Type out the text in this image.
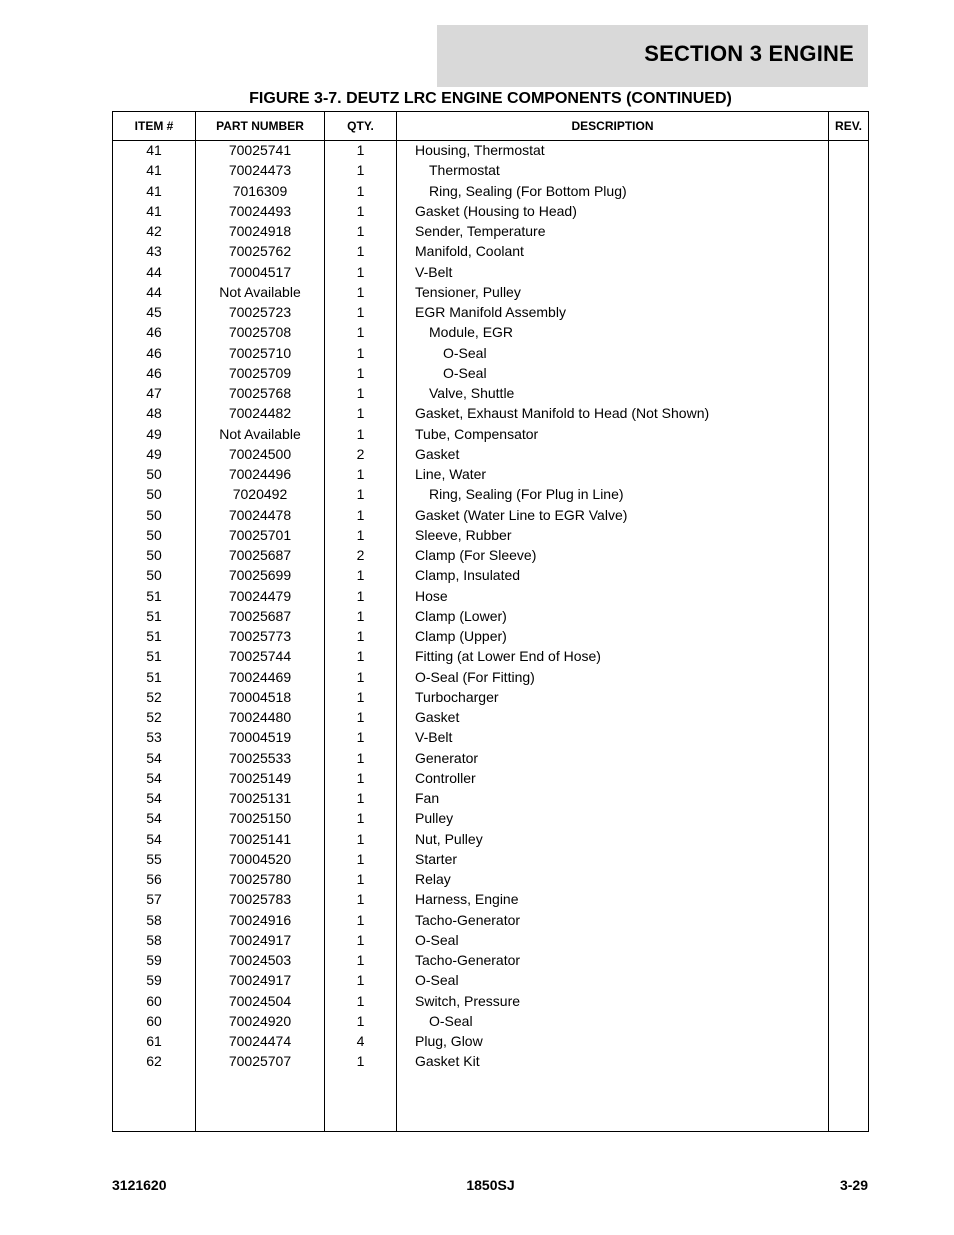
SECTION 3 ENGINE
FIGURE 3-7. DEUTZ LRC ENGINE COMPONENTS (CONTINUED)
ITEM #	PART NUMBER	QTY.	DESCRIPTION	REV.
41	70025741	1	Housing, Thermostat
41	70024473	1	Thermostat
41	7016309	1	Ring, Sealing (For Bottom Plug)
41	70024493	1	Gasket (Housing to Head)
42	70024918	1	Sender, Temperature
43	70025762	1	Manifold, Coolant
44	70004517	1	V-Belt
44	Not Available	1	Tensioner, Pulley
45	70025723	1	EGR Manifold Assembly
46	70025708	1	Module, EGR
46	70025710	1	O-Seal
46	70025709	1	O-Seal
47	70025768	1	Valve, Shuttle
48	70024482	1	Gasket, Exhaust Manifold to Head (Not Shown)
49	Not Available	1	Tube, Compensator
49	70024500	2	Gasket
50	70024496	1	Line, Water
50	7020492	1	Ring, Sealing (For Plug in Line)
50	70024478	1	Gasket (Water Line to EGR Valve)
50	70025701	1	Sleeve, Rubber
50	70025687	2	Clamp (For Sleeve)
50	70025699	1	Clamp, Insulated
51	70024479	1	Hose
51	70025687	1	Clamp (Lower)
51	70025773	1	Clamp (Upper)
51	70025744	1	Fitting (at Lower End of Hose)
51	70024469	1	O-Seal (For Fitting)
52	70004518	1	Turbocharger
52	70024480	1	Gasket
53	70004519	1	V-Belt
54	70025533	1	Generator
54	70025149	1	Controller
54	70025131	1	Fan
54	70025150	1	Pulley
54	70025141	1	Nut, Pulley
55	70004520	1	Starter
56	70025780	1	Relay
57	70025783	1	Harness, Engine
58	70024916	1	Tacho-Generator
58	70024917	1	O-Seal
59	70024503	1	Tacho-Generator
59	70024917	1	O-Seal
60	70024504	1	Switch, Pressure
60	70024920	1	O-Seal
61	70024474	4	Plug, Glow
62	70025707	1	Gasket Kit
3121620	1850SJ	3-29
